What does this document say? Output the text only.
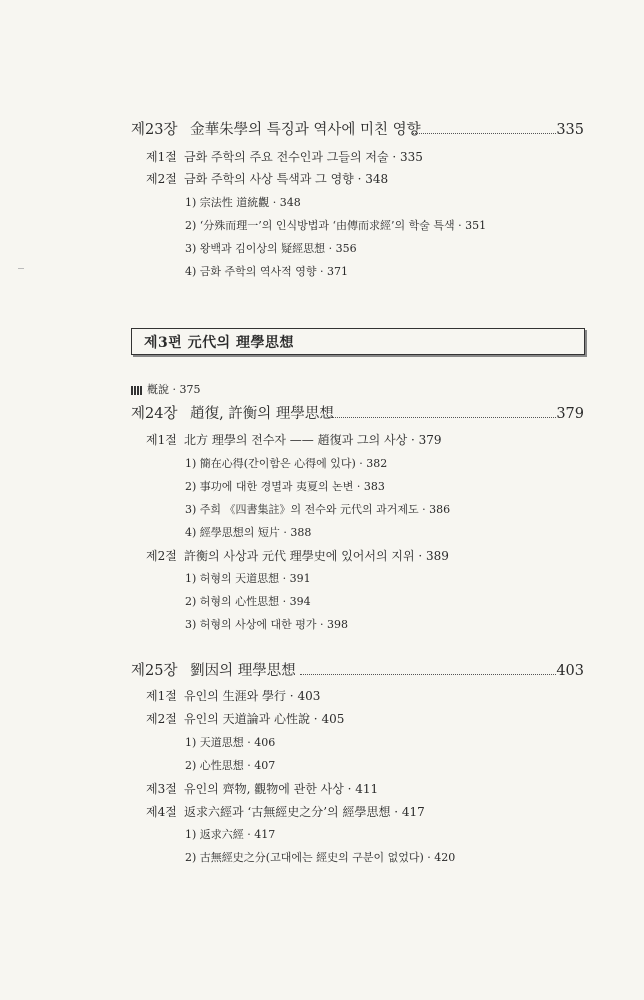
제23장 金華朱學의 특징과 역사에 미친 영향	335
제1절 금화 주학의 주요 전수인과 그들의 저술 · 335
제2절 금화 주학의 사상 특색과 그 영향 · 348
1) 宗法性 道統觀 · 348
2) ‘分殊而理一’의 인식방법과 ‘由傳而求經’의 학술 특색 · 351
3) 왕백과 김이상의 疑經思想 · 356
4) 금화 주학의 역사적 영향 · 371
제3편 元代의 理學思想
槪說 · 375
제24장 趙復, 許衡의 理學思想	379
제1절 北方 理學의 전수자 —— 趙復과 그의 사상 · 379
1) 簡在心得(간이함은 心得에 있다) · 382
2) 事功에 대한 경멸과 夷夏의 논변 · 383
3) 주희 《四書集註》의 전수와 元代의 과거제도 · 386
4) 經學思想의 短片 · 388
제2절 許衡의 사상과 元代 理學史에 있어서의 지위 · 389
1) 허형의 天道思想 · 391
2) 허형의 心性思想 · 394
3) 허형의 사상에 대한 평가 · 398
제25장 劉因의 理學思想	403
제1절 유인의 生涯와 學行 · 403
제2절 유인의 天道論과 心性說 · 405
1) 天道思想 · 406
2) 心性思想 · 407
제3절 유인의 齊物, 觀物에 관한 사상 · 411
제4절 返求六經과 ‘古無經史之分’의 經學思想 · 417
1) 返求六經 · 417
2) 古無經史之分(고대에는 經史의 구분이 없었다) · 420
